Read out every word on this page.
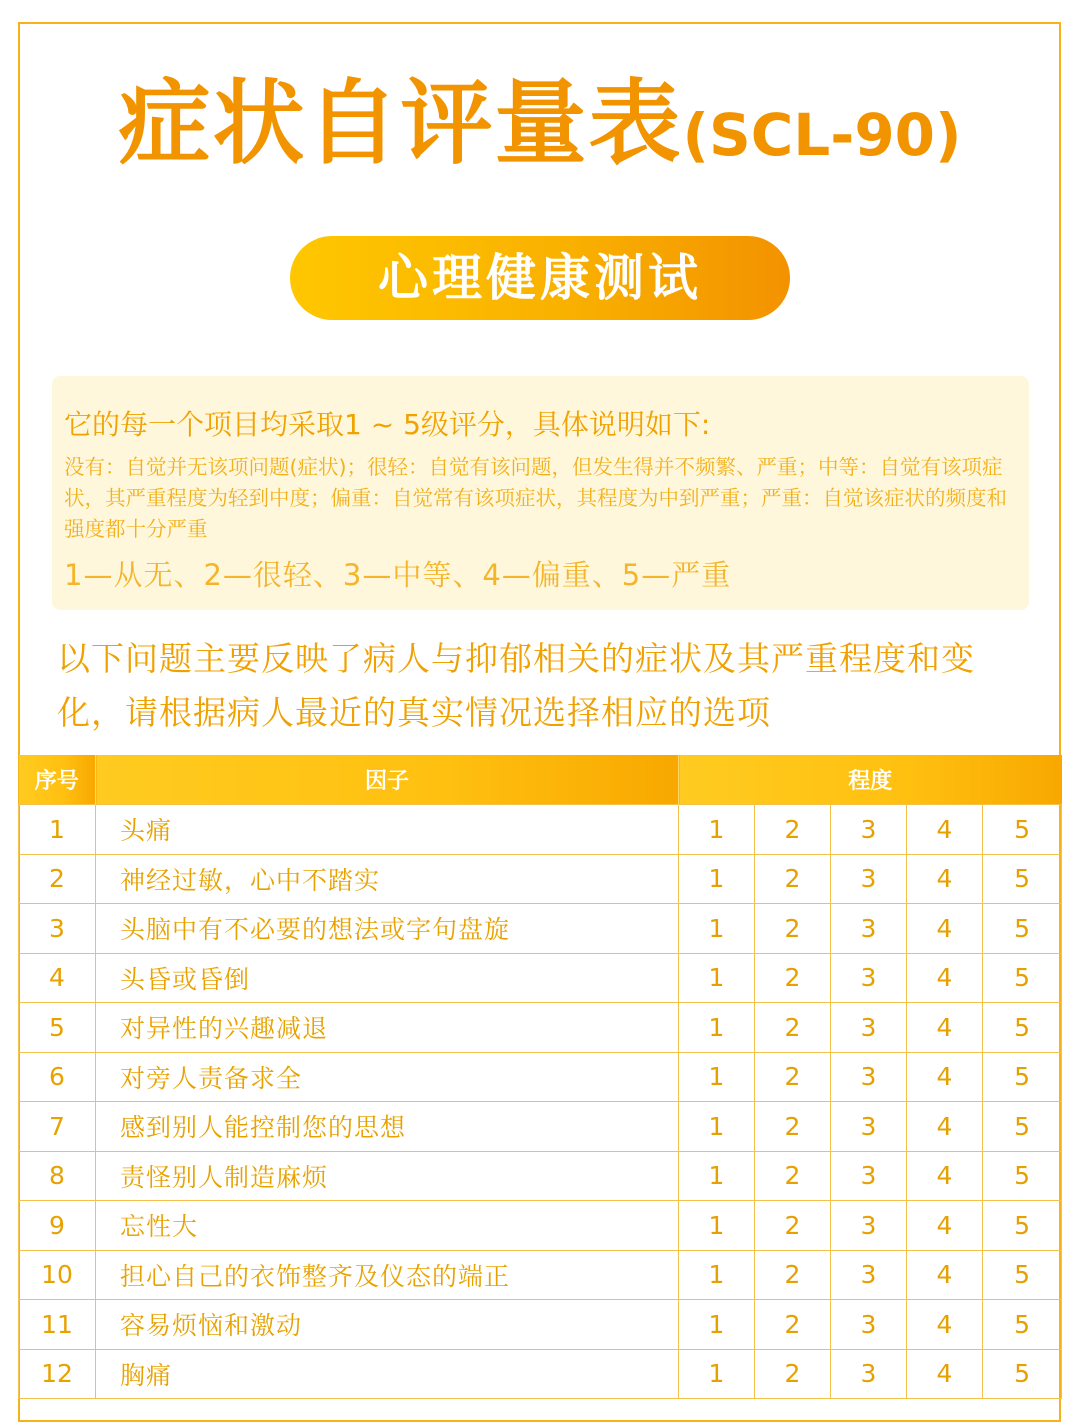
症状自评量表(SCL-90)
心理健康测试
它的每一个项目均采取1 ~ 5级评分，具体说明如下:
没有：自觉并无该项问题(症状)；很轻：自觉有该问题，但发生得并不频繁、严重；中等：自觉有该项症状，其严重程度为轻到中度；偏重：自觉常有该项症状，其程度为中到严重；严重：自觉该症状的频度和强度都十分严重
1—从无、2—很轻、3—中等、4—偏重、5—严重
以下问题主要反映了病人与抑郁相关的症状及其严重程度和变化，请根据病人最近的真实情况选择相应的选项
序号	因子	程度				
1	头痛	1	2	3	4	5
2	神经过敏，心中不踏实	1	2	3	4	5
3	头脑中有不必要的想法或字句盘旋	1	2	3	4	5
4	头昏或昏倒	1	2	3	4	5
5	对异性的兴趣减退	1	2	3	4	5
6	对旁人责备求全	1	2	3	4	5
7	感到别人能控制您的思想	1	2	3	4	5
8	责怪别人制造麻烦	1	2	3	4	5
9	忘性大	1	2	3	4	5
10	担心自己的衣饰整齐及仪态的端正	1	2	3	4	5
11	容易烦恼和激动	1	2	3	4	5
12	胸痛	1	2	3	4	5
